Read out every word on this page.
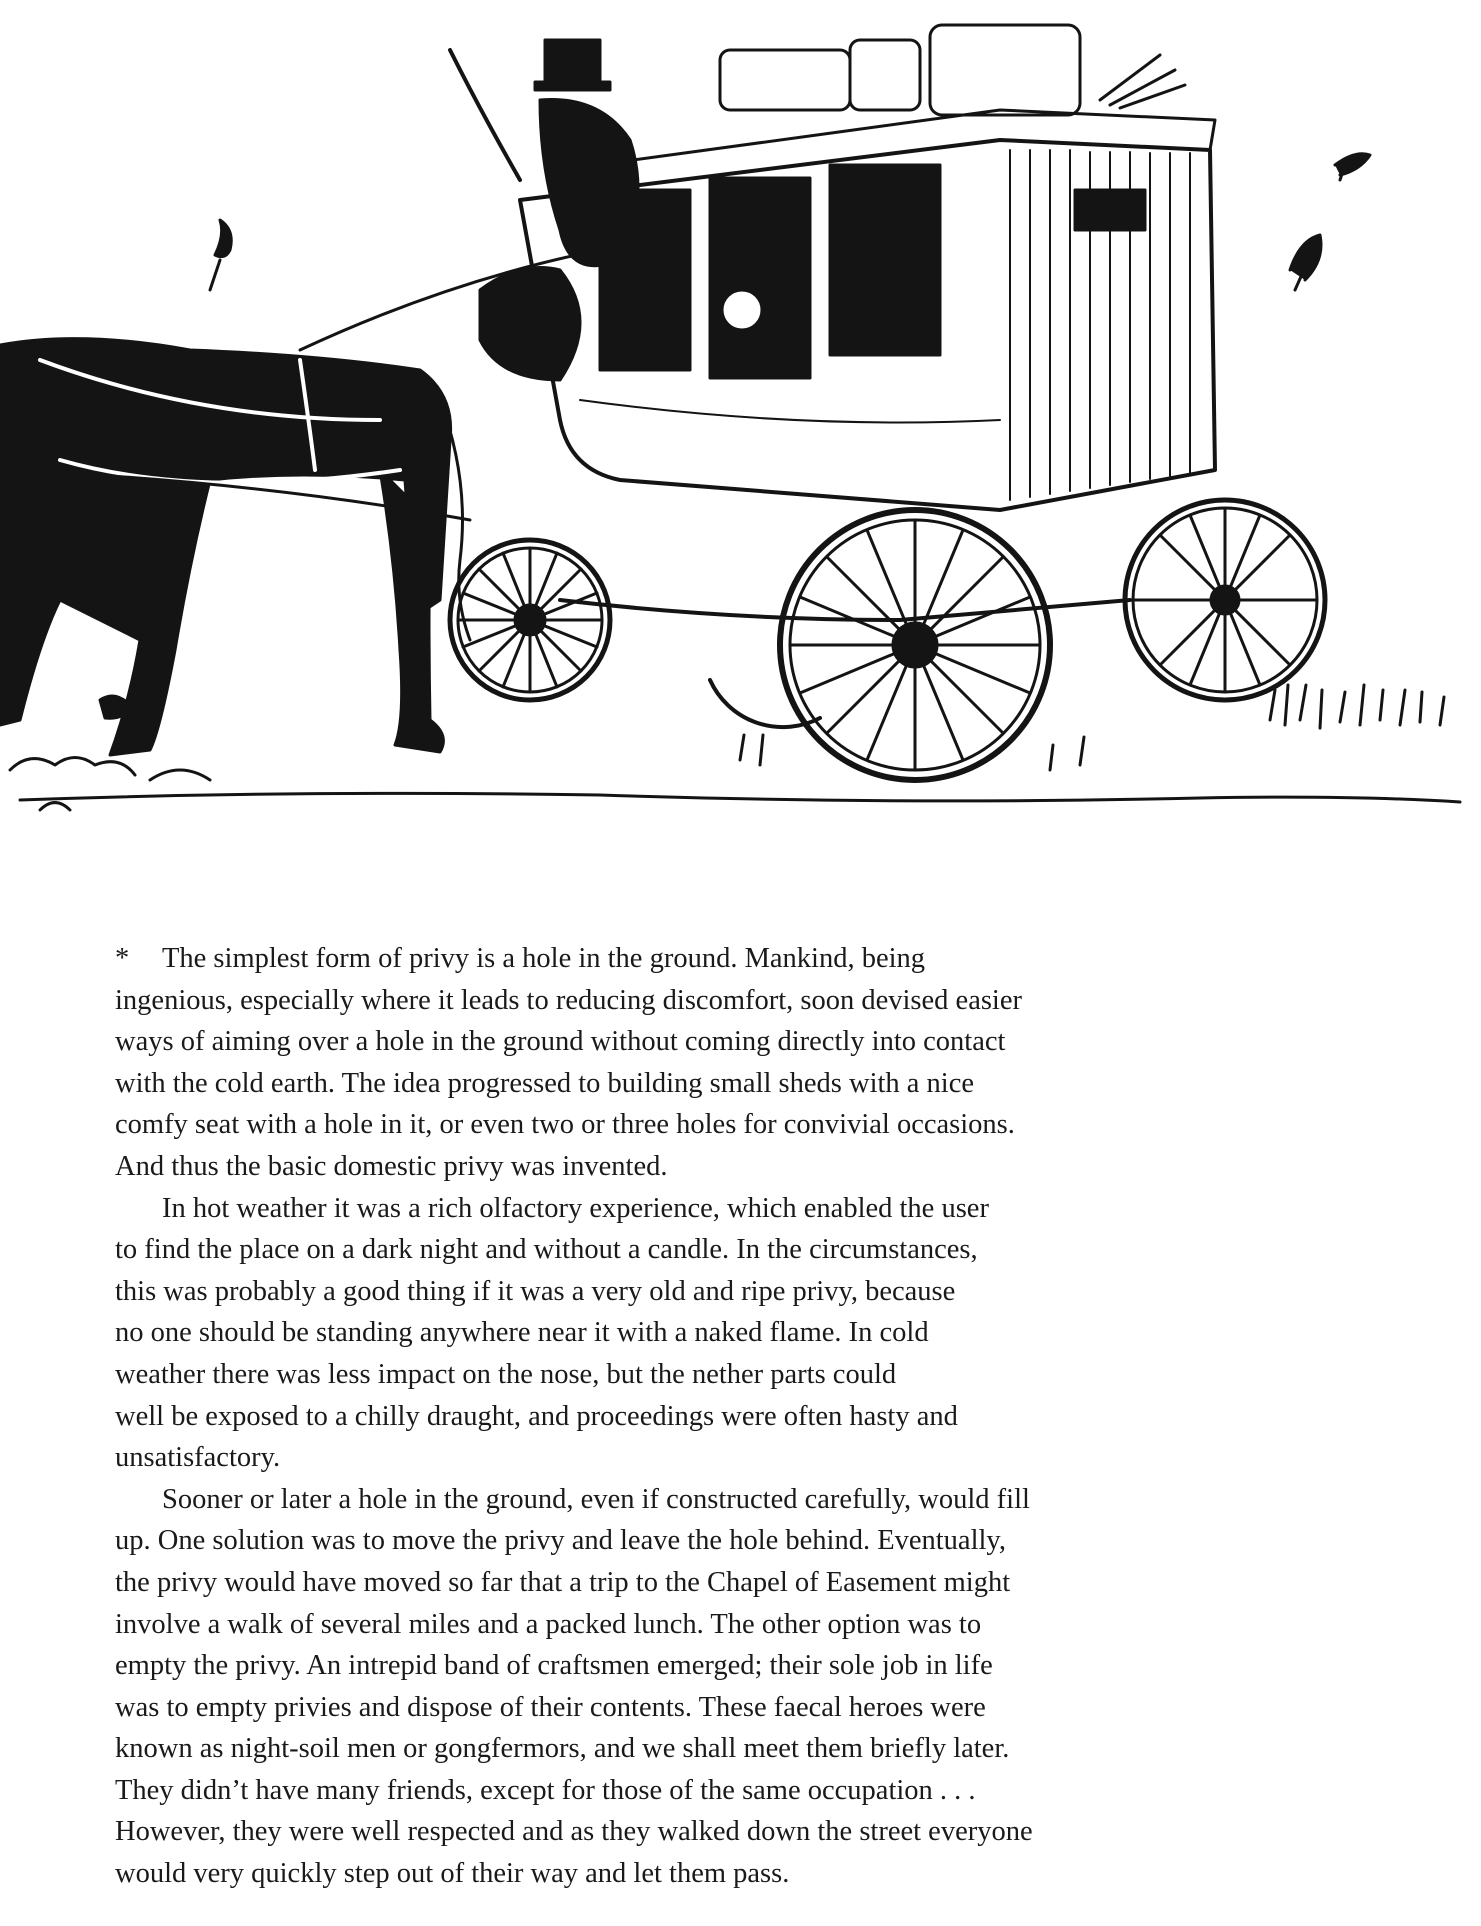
* The simplest form of privy is a hole in the ground. Mankind, being
ingenious, especially where it leads to reducing discomfort, soon devised easier
ways of aiming over a hole in the ground without coming directly into contact
with the cold earth. The idea progressed to building small sheds with a nice
comfy seat with a hole in it, or even two or three holes for convivial occasions.
And thus the basic domestic privy was invented.

In hot weather it was a rich olfactory experience, which enabled the user
to find the place on a dark night and without a candle. In the circumstances,
this was probably a good thing if it was a very old and ripe privy, because
no one should be standing anywhere near it with a naked flame. In cold
weather there was less impact on the nose, but the nether parts could
well be exposed to a chilly draught, and proceedings were often hasty and
unsatisfactory.

Sooner or later a hole in the ground, even if constructed carefully, would fill
up. One solution was to move the privy and leave the hole behind. Eventually,
the privy would have moved so far that a trip to the Chapel of Easement might
involve a walk of several miles and a packed lunch. The other option was to
empty the privy. An intrepid band of craftsmen emerged; their sole job in life
was to empty privies and dispose of their contents. These faecal heroes were
known as night-soil men or gongfermors, and we shall meet them briefly later.
They didn’t have many friends, except for those of the same occupation . . .
However, they were well respected and as they walked down the street everyone
would very quickly step out of their way and let them pass.
